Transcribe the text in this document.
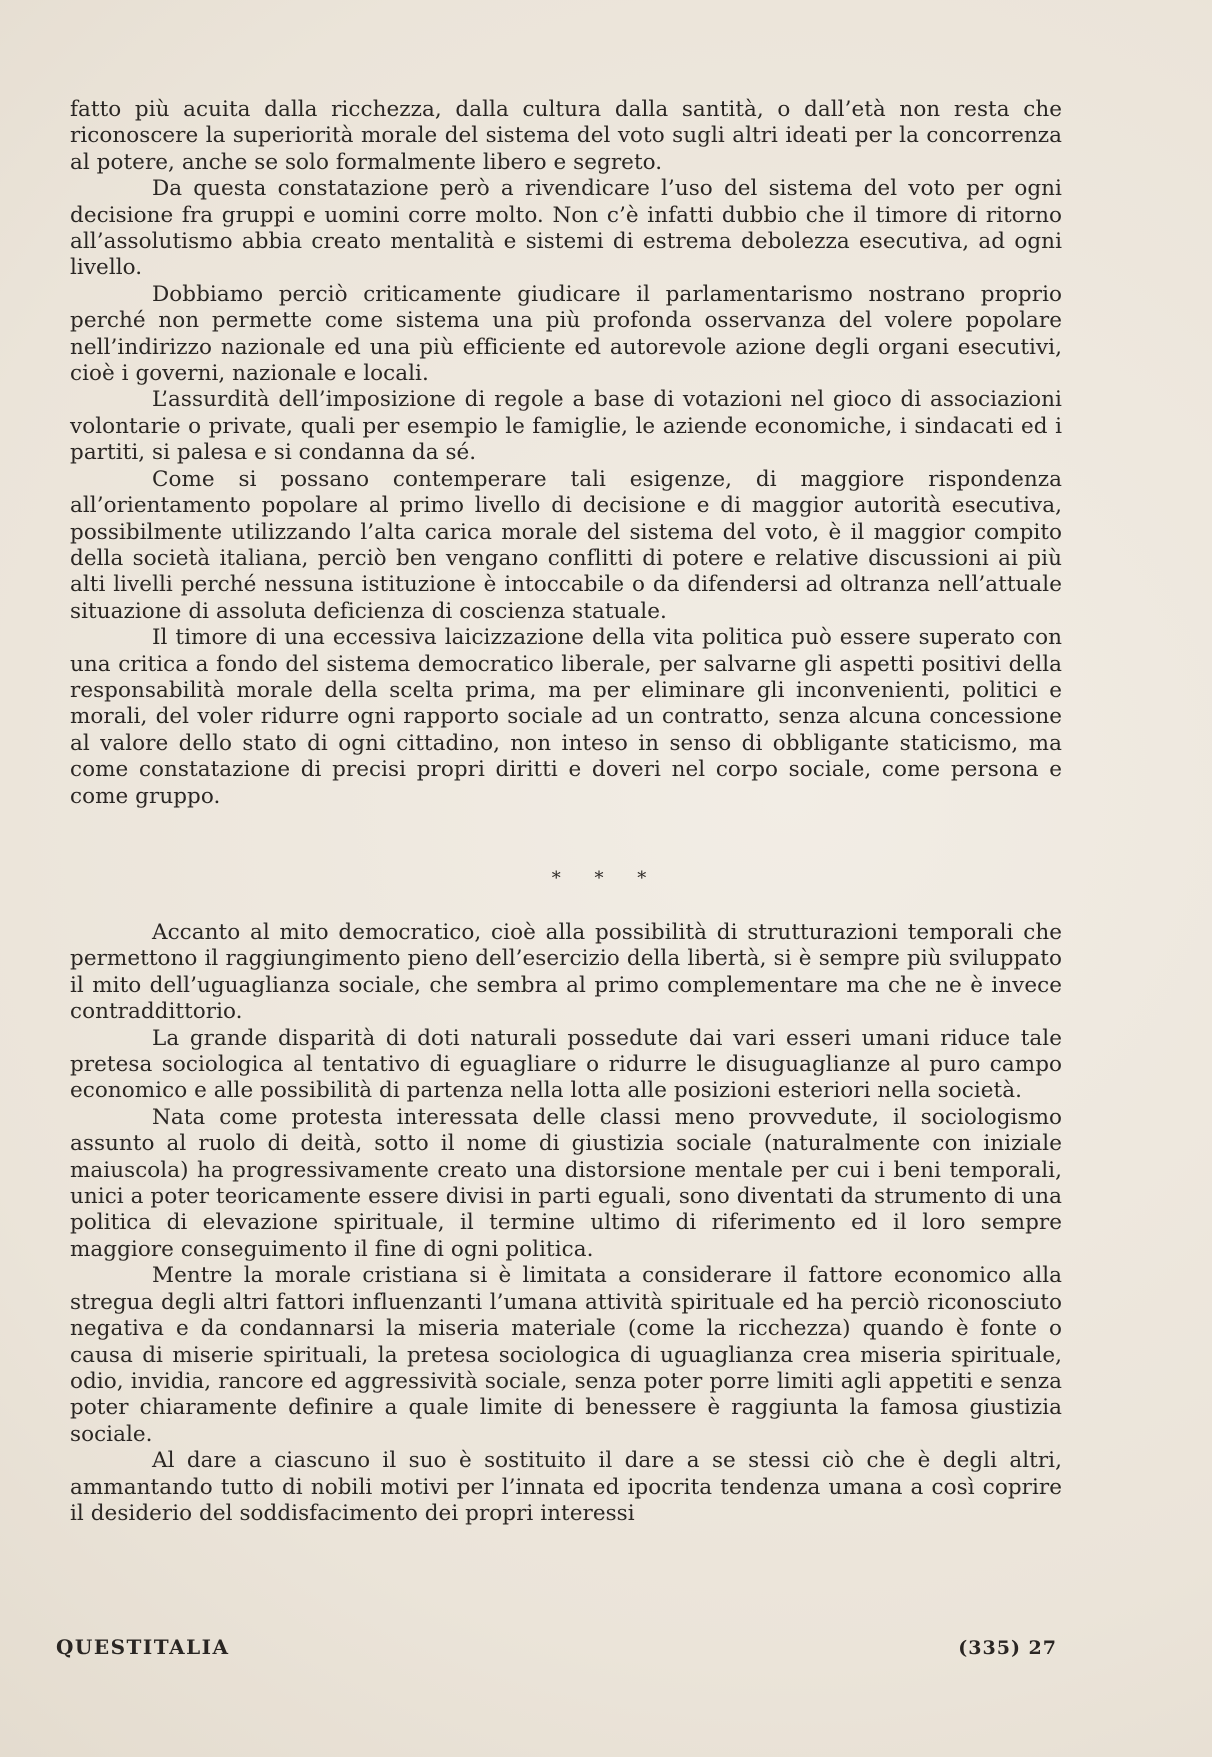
fatto più acuita dalla ricchezza, dalla cultura dalla santità, o dall’età non resta che riconoscere la superiorità morale del sistema del voto sugli altri ideati per la concorrenza al potere, anche se solo formalmente libero e segreto.

Da questa constatazione però a rivendicare l’uso del sistema del voto per ogni decisione fra gruppi e uomini corre molto. Non c’è infatti dubbio che il timore di ritorno all’assolutismo abbia creato mentalità e sistemi di estrema debolezza esecutiva, ad ogni livello.

Dobbiamo perciò criticamente giudicare il parlamentarismo nostrano proprio perché non permette come sistema una più profonda osservanza del volere popolare nell’indirizzo nazionale ed una più efficiente ed autorevole azione degli organi esecutivi, cioè i governi, nazionale e locali.

L’assurdità dell’imposizione di regole a base di votazioni nel gioco di associazioni volontarie o private, quali per esempio le famiglie, le aziende economiche, i sindacati ed i partiti, si palesa e si condanna da sé.

Come si possano contemperare tali esigenze, di maggiore rispondenza all’orientamento popolare al primo livello di decisione e di maggior autorità esecutiva, possibilmente utilizzando l’alta carica morale del sistema del voto, è il maggior compito della società italiana, perciò ben vengano conflitti di potere e relative discussioni ai più alti livelli perché nessuna istituzione è intoccabile o da difendersi ad oltranza nell’attuale situazione di assoluta deficienza di coscienza statuale.

Il timore di una eccessiva laicizzazione della vita politica può essere superato con una critica a fondo del sistema democratico liberale, per salvarne gli aspetti positivi della responsabilità morale della scelta prima, ma per eliminare gli inconvenienti, politici e morali, del voler ridurre ogni rapporto sociale ad un contratto, senza alcuna concessione al valore dello stato di ogni cittadino, non inteso in senso di obbligante staticismo, ma come constatazione di precisi propri diritti e doveri nel corpo sociale, come persona e come gruppo.

* * *

Accanto al mito democratico, cioè alla possibilità di strutturazioni temporali che permettono il raggiungimento pieno dell’esercizio della libertà, si è sempre più sviluppato il mito dell’uguaglianza sociale, che sembra al primo complementare ma che ne è invece contraddittorio.

La grande disparità di doti naturali possedute dai vari esseri umani riduce tale pretesa sociologica al tentativo di eguagliare o ridurre le disuguaglianze al puro campo economico e alle possibilità di partenza nella lotta alle posizioni esteriori nella società.

Nata come protesta interessata delle classi meno provvedute, il sociologismo assunto al ruolo di deità, sotto il nome di giustizia sociale (naturalmente con iniziale maiuscola) ha progressivamente creato una distorsione mentale per cui i beni temporali, unici a poter teoricamente essere divisi in parti eguali, sono diventati da strumento di una politica di elevazione spirituale, il termine ultimo di riferimento ed il loro sempre maggiore conseguimento il fine di ogni politica.

Mentre la morale cristiana si è limitata a considerare il fattore economico alla stregua degli altri fattori influenzanti l’umana attività spirituale ed ha perciò riconosciuto negativa e da condannarsi la miseria materiale (come la ricchezza) quando è fonte o causa di miserie spirituali, la pretesa sociologica di uguaglianza crea miseria spirituale, odio, invidia, rancore ed aggressività sociale, senza poter porre limiti agli appetiti e senza poter chiaramente definire a quale limite di benessere è raggiunta la famosa giustizia sociale.

Al dare a ciascuno il suo è sostituito il dare a se stessi ciò che è degli altri, ammantando tutto di nobili motivi per l’innata ed ipocrita tendenza umana a così coprire il desiderio del soddisfacimento dei propri interessi

QUESTITALIA	(335) 27
